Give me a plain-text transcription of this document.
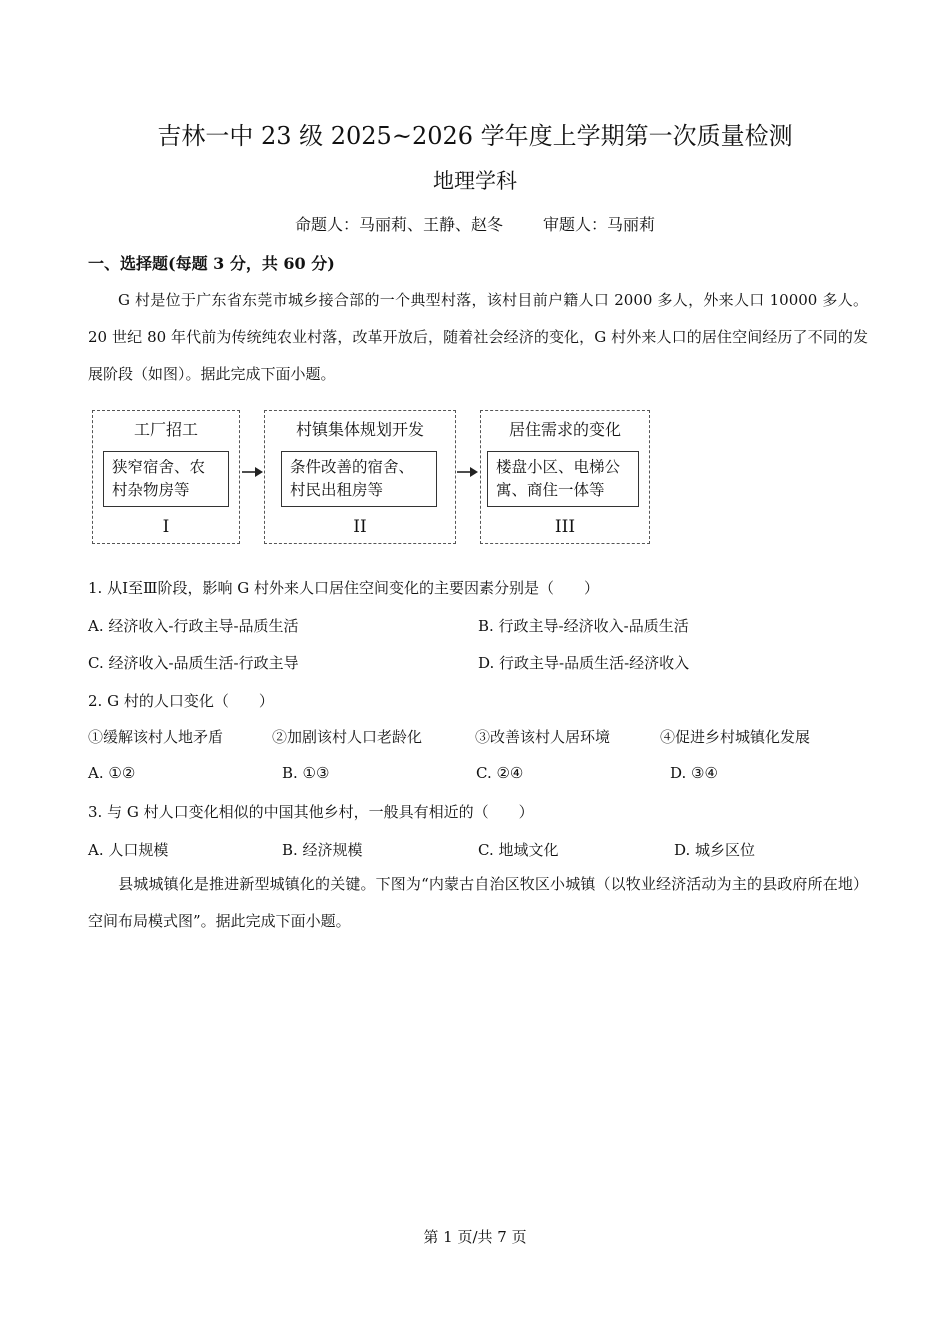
吉林一中 23 级 2025~2026 学年度上学期第一次质量检测
地理学科
命题人：马丽莉、王静、赵冬	审题人：马丽莉
一、选择题(每题 3 分，共 60 分)
G 村是位于广东省东莞市城乡接合部的一个典型村落，该村目前户籍人口 2000 多人，外来人口 10000 多人。20 世纪 80 年代前为传统纯农业村落，改革开放后，随着社会经济的变化，G 村外来人口的居住空间经历了不同的发展阶段（如图）。据此完成下面小题。
工厂招工
狭窄宿舍、农村杂物房等
I
村镇集体规划开发
条件改善的宿舍、村民出租房等
II
居住需求的变化
楼盘小区、电梯公寓、商住一体等
III
1. 从Ⅰ至Ⅲ阶段，影响 G 村外来人口居住空间变化的主要因素分别是（　　）
A. 经济收入-行政主导-品质生活	B. 行政主导-经济收入-品质生活
C. 经济收入-品质生活-行政主导	D. 行政主导-品质生活-经济收入
2. G 村的人口变化（　　）
①缓解该村人地矛盾	②加剧该村人口老龄化	③改善该村人居环境	④促进乡村城镇化发展
A. ①②	B. ①③	C. ②④	D. ③④
3. 与 G 村人口变化相似的中国其他乡村，一般具有相近的（　　）
A. 人口规模	B. 经济规模	C. 地域文化	D. 城乡区位
县城城镇化是推进新型城镇化的关键。下图为“内蒙古自治区牧区小城镇（以牧业经济活动为主的县政府所在地）空间布局模式图”。据此完成下面小题。
第 1 页/共 7 页
